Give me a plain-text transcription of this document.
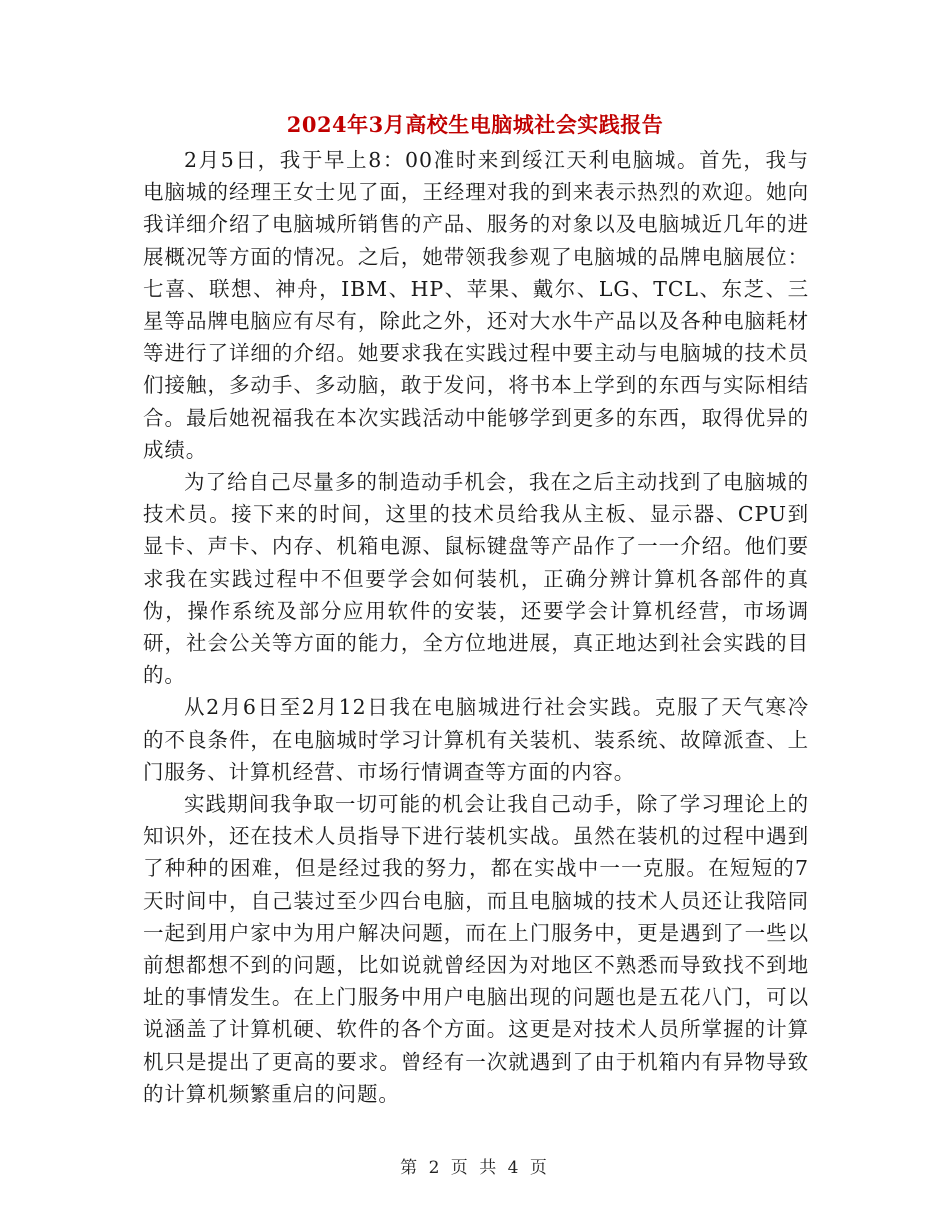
2024年3月高校生电脑城社会实践报告

2月5日，我于早上8：00准时来到绥江天利电脑城。首先，我与电脑城的经理王女士见了面，王经理对我的到来表示热烈的欢迎。她向我详细介绍了电脑城所销售的产品、服务的对象以及电脑城近几年的进展概况等方面的情况。之后，她带领我参观了电脑城的品牌电脑展位：七喜、联想、神舟，IBM、HP、苹果、戴尔、LG、TCL、东芝、三星等品牌电脑应有尽有，除此之外，还对大水牛产品以及各种电脑耗材等进行了详细的介绍。她要求我在实践过程中要主动与电脑城的技术员们接触，多动手、多动脑，敢于发问，将书本上学到的东西与实际相结合。最后她祝福我在本次实践活动中能够学到更多的东西，取得优异的成绩。

为了给自己尽量多的制造动手机会，我在之后主动找到了电脑城的技术员。接下来的时间，这里的技术员给我从主板、显示器、CPU到显卡、声卡、内存、机箱电源、鼠标键盘等产品作了一一介绍。他们要求我在实践过程中不但要学会如何装机，正确分辨计算机各部件的真伪，操作系统及部分应用软件的安装，还要学会计算机经营，市场调研，社会公关等方面的能力，全方位地进展，真正地达到社会实践的目的。

从2月6日至2月12日我在电脑城进行社会实践。克服了天气寒冷的不良条件，在电脑城时学习计算机有关装机、装系统、故障派查、上门服务、计算机经营、市场行情调查等方面的内容。

实践期间我争取一切可能的机会让我自己动手，除了学习理论上的知识外，还在技术人员指导下进行装机实战。虽然在装机的过程中遇到了种种的困难，但是经过我的努力，都在实战中一一克服。在短短的7天时间中，自己装过至少四台电脑，而且电脑城的技术人员还让我陪同一起到用户家中为用户解决问题，而在上门服务中，更是遇到了一些以前想都想不到的问题，比如说就曾经因为对地区不熟悉而导致找不到地址的事情发生。在上门服务中用户电脑出现的问题也是五花八门，可以说涵盖了计算机硬、软件的各个方面。这更是对技术人员所掌握的计算机只是提出了更高的要求。曾经有一次就遇到了由于机箱内有异物导致的计算机频繁重启的问题。

第 2 页 共 4 页
